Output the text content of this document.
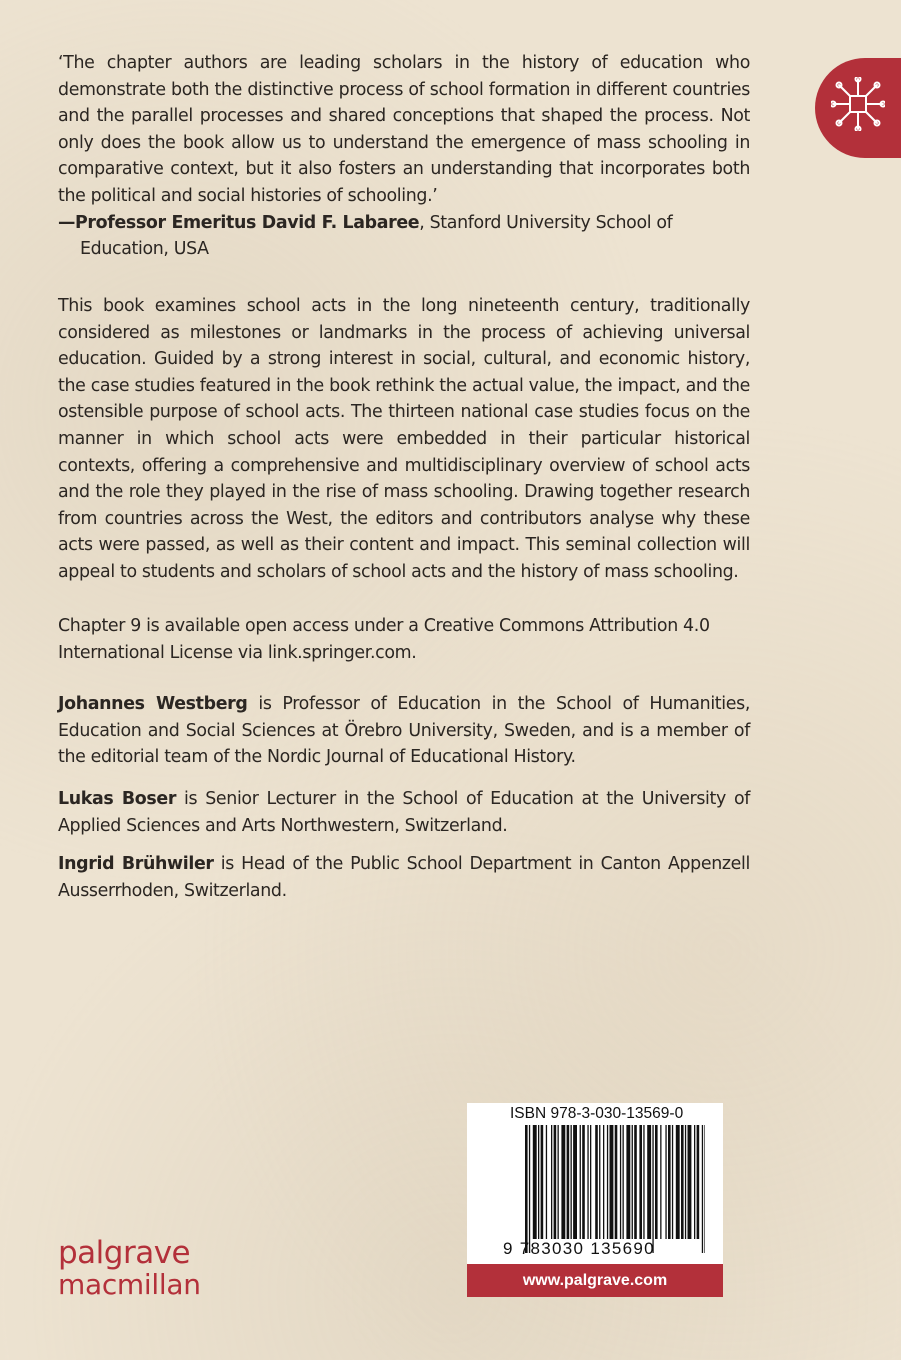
‘The chapter authors are leading scholars in the history of education who demonstrate both the distinctive process of school formation in different countries and the parallel processes and shared conceptions that shaped the process. Not only does the book allow us to understand the emergence of mass schooling in comparative context, but it also fosters an understanding that incorporates both the political and social histories of schooling.’

—Professor Emeritus David F. Labaree, Stanford University School of

Education, USA

This book examines school acts in the long nineteenth century, traditionally considered as milestones or landmarks in the process of achieving universal education. Guided by a strong interest in social, cultural, and economic history, the case studies featured in the book rethink the actual value, the impact, and the ostensible purpose of school acts. The thirteen national case studies focus on the manner in which school acts were embedded in their particular historical contexts, offering a comprehensive and multidisciplinary overview of school acts and the role they played in the rise of mass schooling. Drawing together research from countries across the West, the editors and contributors analyse why these acts were passed, as well as their content and impact. This seminal collection will appeal to students and scholars of school acts and the history of mass schooling.

Chapter 9 is available open access under a Creative Commons Attribution 4.0 International License via link.springer.com.

Johannes Westberg is Professor of Education in the School of Humanities, Education and Social Sciences at Örebro University, Sweden, and is a member of the editorial team of the Nordic Journal of Educational History.

Lukas Boser is Senior Lecturer in the School of Education at the University of Applied Sciences and Arts Northwestern, Switzerland.

Ingrid Brühwiler is Head of the Public School Department in Canton Appenzell Ausserrhoden, Switzerland.

palgrave
macmillan
ISBN 978-3-030-13569-0
9 783030 135690
www.palgrave.com
